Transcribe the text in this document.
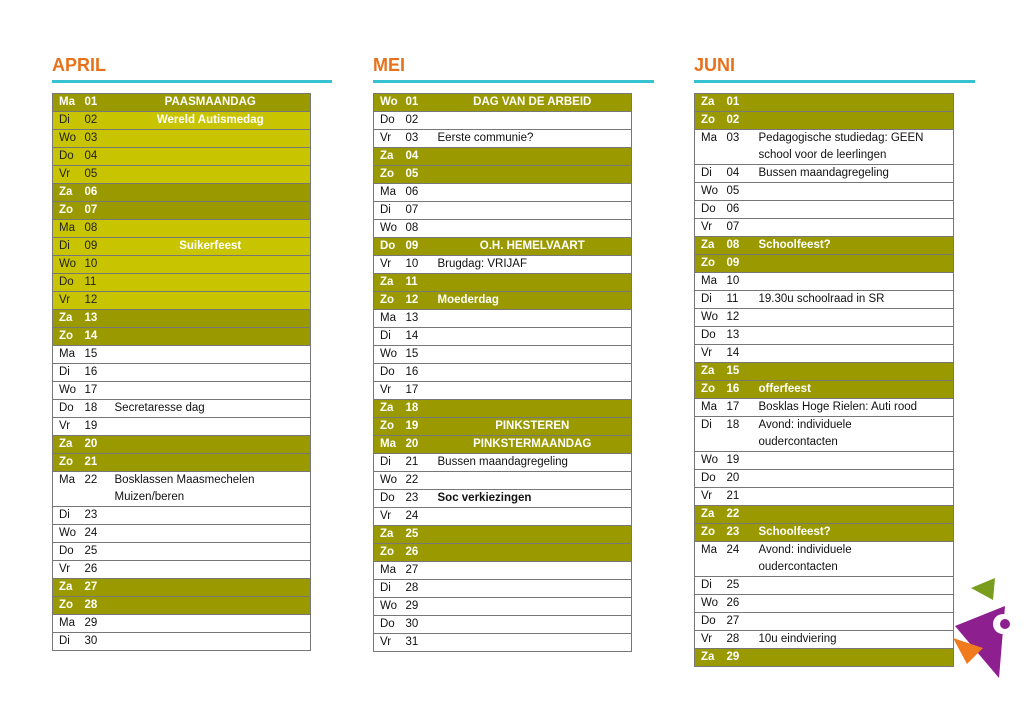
APRIL
Ma	01	PAASMAANDAG

Di	02	Wereld Autismedag

Wo	03	

Do	04	

Vr	05	

Za	06	

Zo	07	

Ma	08	

Di	09	Suikerfeest

Wo	10	

Do	11	

Vr	12	

Za	13	

Zo	14	

Ma	15	

Di	16	

Wo	17	

Do	18	Secretaresse dag

Vr	19	

Za	20	

Zo	21	

Ma	22	Bosklassen Maasmechelen
Muizen/beren

Di	23	

Wo	24	

Do	25	

Vr	26	

Za	27	

Zo	28	

Ma	29	

Di	30	
MEI
Wo	01	DAG VAN DE ARBEID

Do	02	

Vr	03	Eerste communie?

Za	04	

Zo	05	

Ma	06	

Di	07	

Wo	08	

Do	09	O.H. HEMELVAART

Vr	10	Brugdag: VRIJAF

Za	11	

Zo	12	Moederdag

Ma	13	

Di	14	

Wo	15	

Do	16	

Vr	17	

Za	18	

Zo	19	PINKSTEREN

Ma	20	PINKSTERMAANDAG

Di	21	Bussen maandagregeling

Wo	22	

Do	23	Soc verkiezingen

Vr	24	

Za	25	

Zo	26	

Ma	27	

Di	28	

Wo	29	

Do	30	

Vr	31	
JUNI
Za	01	

Zo	02	

Ma	03	Pedagogische studiedag: GEEN
school voor de leerlingen

Di	04	Bussen maandagregeling

Wo	05	

Do	06	

Vr	07	

Za	08	Schoolfeest?

Zo	09	

Ma	10	

Di	11	19.30u schoolraad in SR

Wo	12	

Do	13	

Vr	14	

Za	15	

Zo	16	offerfeest

Ma	17	Bosklas Hoge Rielen: Auti rood

Di	18	Avond: individuele
oudercontacten

Wo	19	

Do	20	

Vr	21	

Za	22	

Zo	23	Schoolfeest?

Ma	24	Avond: individuele
oudercontacten

Di	25	

Wo	26	

Do	27	

Vr	28	10u eindviering

Za	29	
